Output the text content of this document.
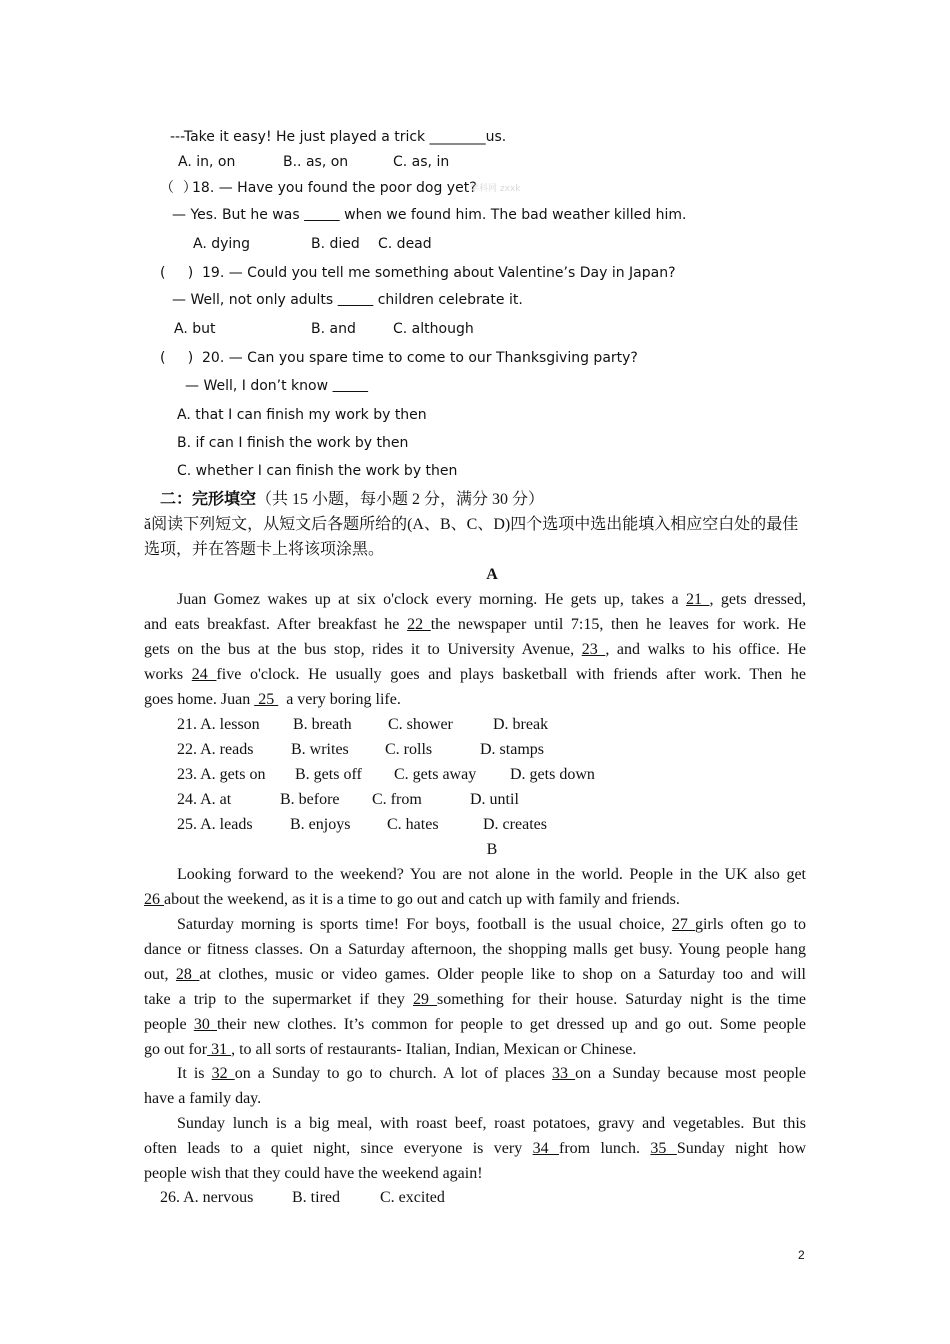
---Take it easy! He just played a trick ________us.
A. in, on	B.. as, on	C. as, in
（  ）
18. — Have you found the poor dog yet?
学科网 zxxk
— Yes. But he was	when we found him. The bad weather killed him.
A. dying	B. died C. dead
(     ) 19. — Could you tell me something about Valentine’s Day in Japan?
— Well, not only adults	children celebrate it.
A. but	B. and	C. although
(     ) 20. — Can you spare time to come to our Thanksgiving party?
— Well, I don’t know
A. that I can finish my work by then
B. if can I finish the work by then
C. whether I can finish the work by then
二：完形填空（共 15 小题，每小题 2 分，满分 30 分）
ă阅读下列短文，从短文后各题所给的(A、B、C、D)四个选项中选出能填入相应空白处的最佳
选项，并在答题卡上将该项涂黑。
A
Juan Gomez wakes up at six o'clock every morning. He gets up, takes a 21 , gets dressed,
and eats breakfast. After breakfast he 22 the newspaper until 7:15, then he leaves for work. He
gets on the bus at the bus stop, rides it to University Avenue, 23 , and walks to his office. He
works 24 five o'clock. He usually goes and plays basketball with friends after work. Then he
goes home. Juan  25   a very boring life.
21. A. lesson B. breath C. shower	D. break
22. A. reads B. writes C. rolls	D. stamps
23. A. gets on B. gets off C. gets away D. gets down
24. A. at	B. before C. from	D. until
25. A. leads B. enjoys C. hates	D. creates
B
Looking forward to the weekend? You are not alone in the world. People in the UK also get
26 about the weekend, as it is a time to go out and catch up with family and friends.
Saturday morning is sports time! For boys, football is the usual choice, 27 girls often go to
dance or fitness classes. On a Saturday afternoon, the shopping malls get busy. Young people hang
out, 28 at clothes, music or video games. Older people like to shop on a Saturday too and will
take a trip to the supermarket if they 29 something for their house. Saturday night is the time
people 30 their new clothes. It’s common for people to get dressed up and go out. Some people
go out for 31 , to all sorts of restaurants- Italian, Indian, Mexican or Chinese.
It is 32 on a Sunday to go to church. A lot of places 33 on a Sunday because most people
have a family day.
Sunday lunch is a big meal, with roast beef, roast potatoes, gravy and vegetables. But this
often leads to a quiet night, since everyone is very 34 from lunch. 35 Sunday night how
people wish that they could have the weekend again!
26. A. nervous B. tired	C. excited
2
